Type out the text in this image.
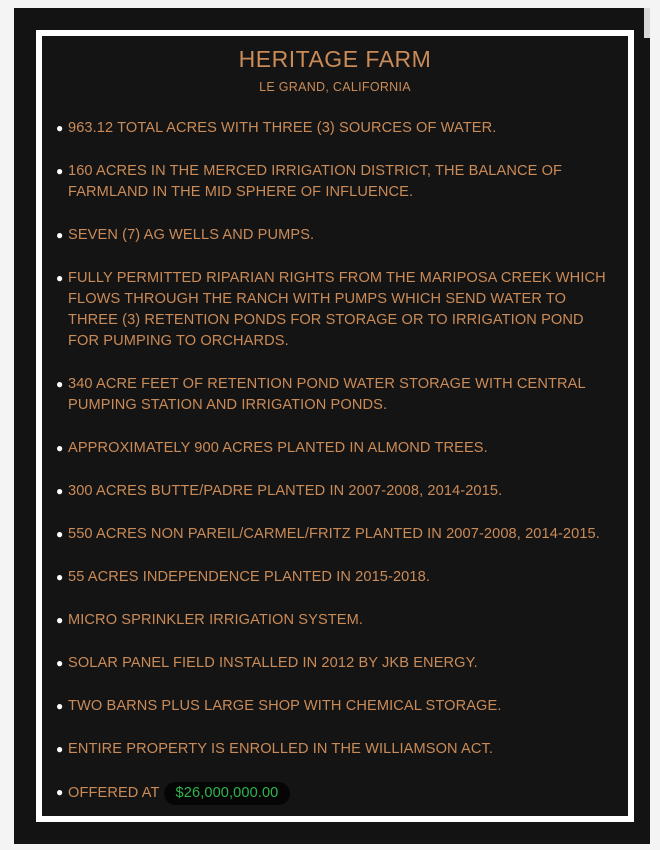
HERITAGE FARM
LE GRAND, CALIFORNIA
● 963.12 TOTAL ACRES WITH THREE (3) SOURCES OF WATER.
● 160 ACRES IN THE MERCED IRRIGATION DISTRICT, THE BALANCE OF FARMLAND IN THE MID SPHERE OF INFLUENCE.
● SEVEN (7) AG WELLS AND PUMPS.
● FULLY PERMITTED RIPARIAN RIGHTS FROM THE MARIPOSA CREEK WHICH FLOWS THROUGH THE RANCH WITH PUMPS WHICH SEND WATER TO THREE (3) RETENTION PONDS FOR STORAGE OR TO IRRIGATION POND FOR PUMPING TO ORCHARDS.
● 340 ACRE FEET OF RETENTION POND WATER STORAGE WITH CENTRAL PUMPING STATION AND IRRIGATION PONDS.
● APPROXIMATELY 900 ACRES PLANTED IN ALMOND TREES.
● 300 ACRES BUTTE/PADRE PLANTED IN 2007-2008, 2014-2015.
● 550 ACRES NON PAREIL/CARMEL/FRITZ PLANTED IN 2007-2008, 2014-2015.
● 55 ACRES INDEPENDENCE PLANTED IN 2015-2018.
● MICRO SPRINKLER IRRIGATION SYSTEM.
● SOLAR PANEL FIELD INSTALLED IN 2012 BY JKB ENERGY.
● TWO BARNS PLUS LARGE SHOP WITH CHEMICAL STORAGE.
● ENTIRE PROPERTY IS ENROLLED IN THE WILLIAMSON ACT.
● OFFERED AT $26,000,000.00
